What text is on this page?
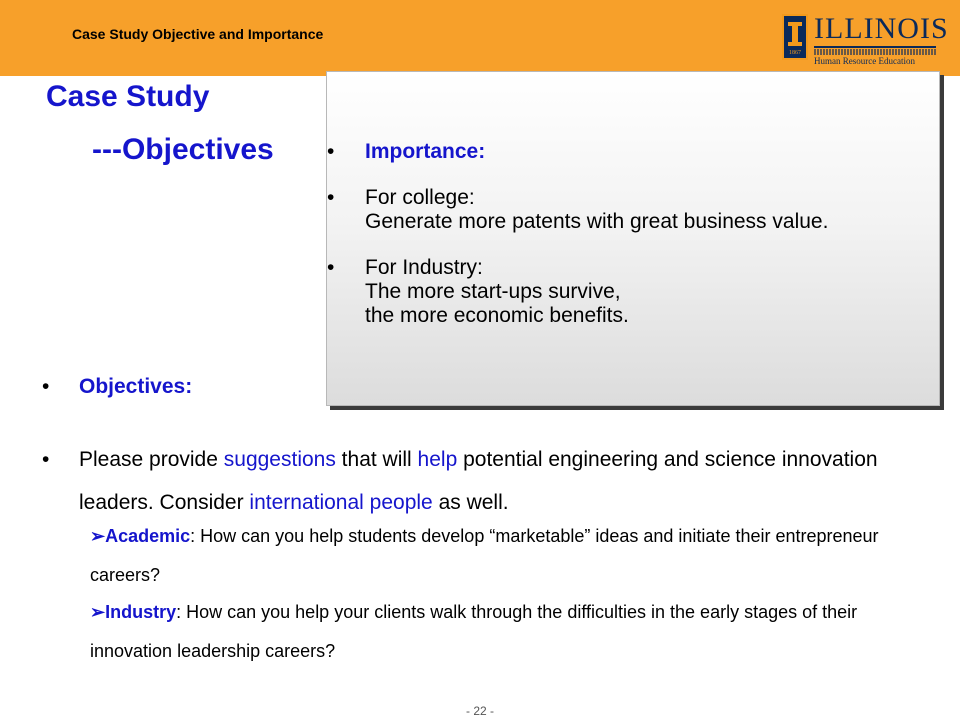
Case Study Objective and Importance
1867
ILLINOIS
Human Resource Education
Case Study
---Objectives	•	Importance:
•	For college:
Generate more patents with great business value.
•	For Industry:
The more start-ups survive,
the more economic benefits.
• Objectives:
•	Please provide suggestions that will help potential engineering and science innovation leaders. Consider international people as well.
➢Academic: How can you help students develop “marketable” ideas and initiate their entrepreneur careers?
➢Industry: How can you help your clients walk through the difficulties in the early stages of their innovation leadership careers?
- 22 -
